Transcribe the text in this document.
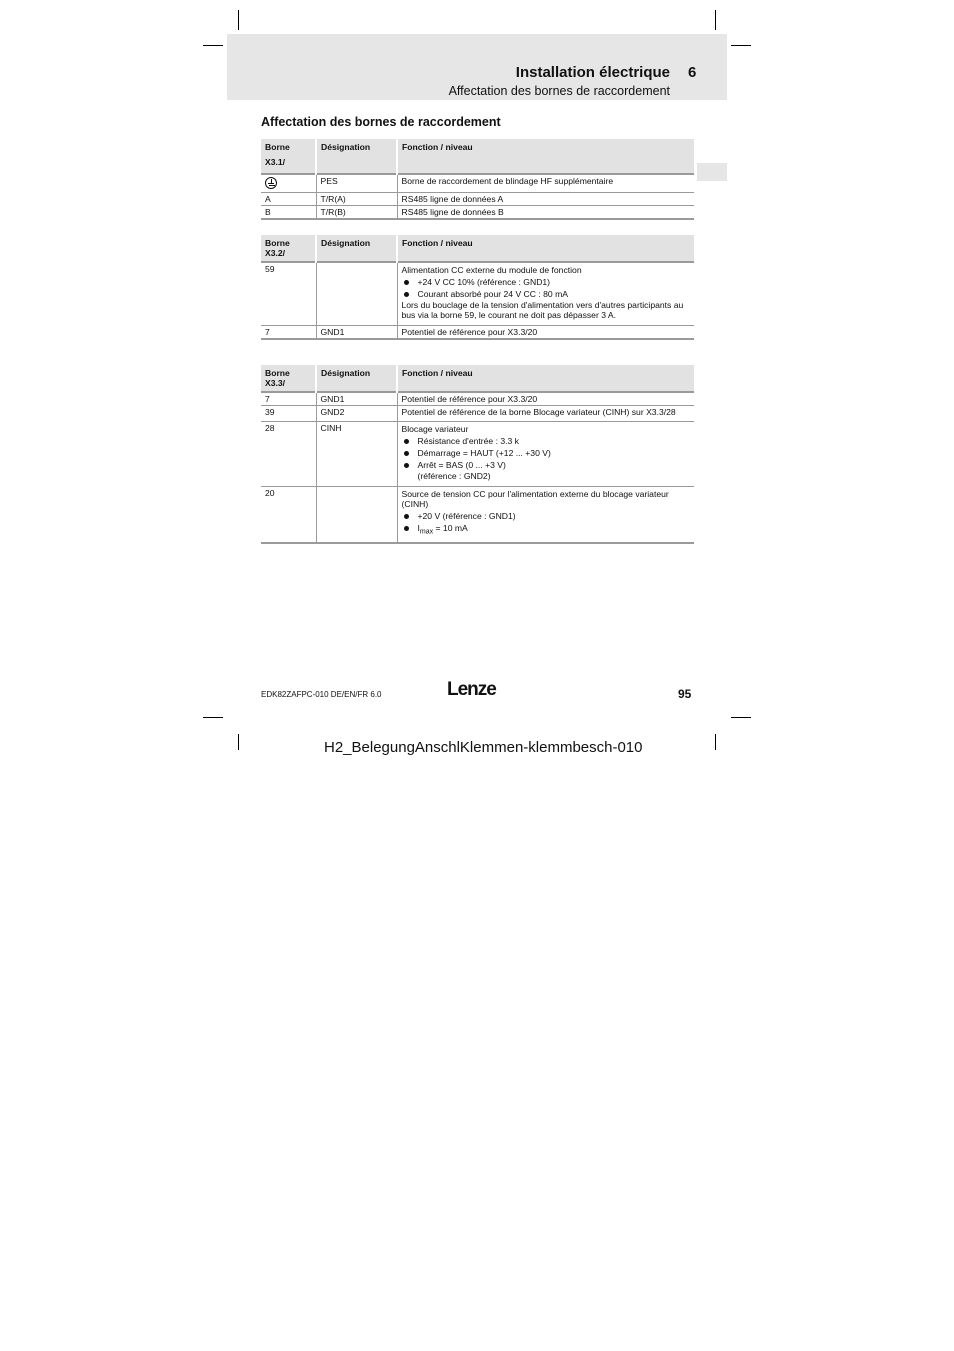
Installation électrique 6
Affectation des bornes de raccordement
Affectation des bornes de raccordement
Borne
X3.1/	Désignation	Fonction / niveau
	PES	Borne de raccordement de blindage HF supplémentaire
A	T/R(A)	RS485 ligne de données A
B	T/R(B)	RS485 ligne de données B
Borne
X3.2/	Désignation	Fonction / niveau
59		Alimentation CC externe du module de fonction
+24 V CC 10% (référence : GND1)
Courant absorbé pour 24 V CC : 80 mA
Lors du bouclage de la tension d'alimentation vers d'autres participants au bus via la borne 59, le courant ne doit pas dépasser 3 A.

7	GND1	Potentiel de référence pour X3.3/20
Borne
X3.3/	Désignation	Fonction / niveau
7	GND1	Potentiel de référence pour X3.3/20
39	GND2	Potentiel de référence de la borne Blocage variateur (CINH) sur X3.3/28
28	CINH	Blocage variateur
Résistance d'entrée : 3.3 k
Démarrage = HAUT (+12 ... +30 V)
Arrêt = BAS (0 ... +3 V)
(référence : GND2)

20		Source de tension CC pour l'alimentation externe du blocage variateur (CINH)
+20 V (référence : GND1)
$I_{max} = 10$ mA
EDK82ZAFPC-010 DE/EN/FR 6.0	Lenze	95
H2_BelegungAnschlKlemmen-klemmbesch-010
